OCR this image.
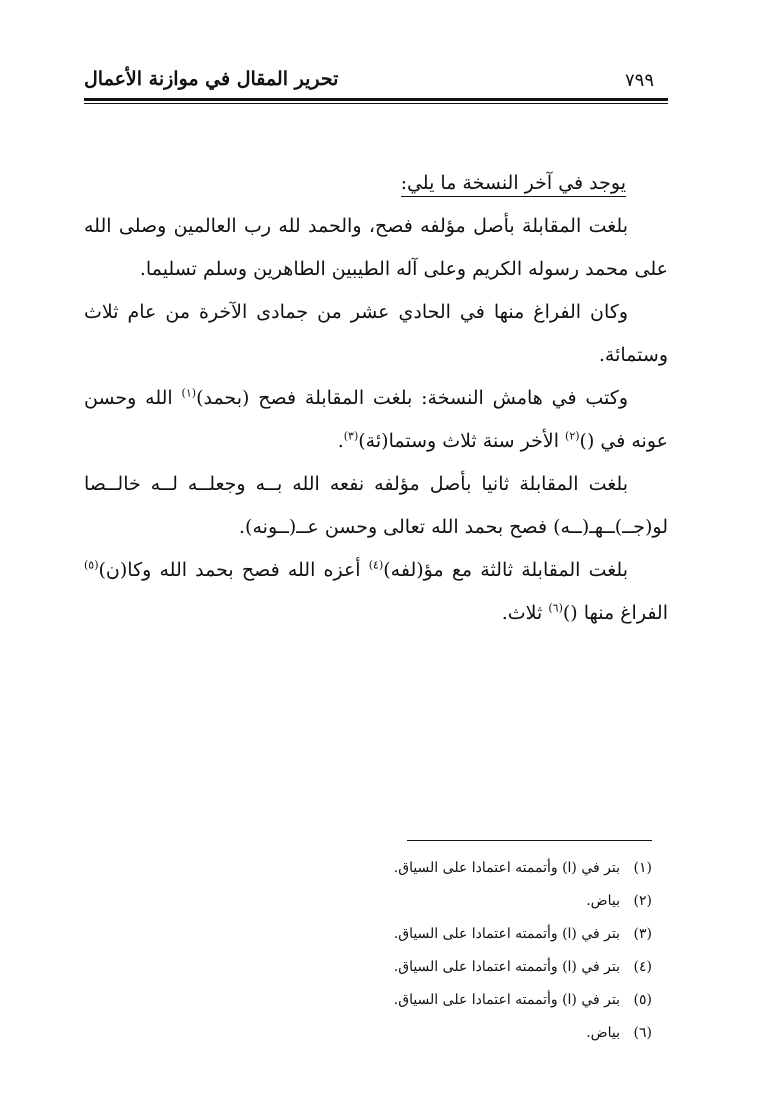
٧٩٩
تحرير المقال في موازنة الأعمال

يوجد في آخر النسخة ما يلي:

بلغت المقابلة بأصل مؤلفه فصح، والحمد لله رب العالمين وصلى الله على محمد رسوله الكريم وعلى آله الطيبين الطاهرين وسلم تسليما.

وكان الفراغ منها في الحادي عشر من جمادى الآخرة من عام ثلاث وستمائة.

وكتب في هامش النسخة: بلغت المقابلة فصح (بحمد)$^{(١)}$ الله وحسن عونه في ()$^{(٢)}$ الأخر سنة ثلاث وستما(ئة)$^{(٣)}$.

بلغت المقابلة ثانيا بأصل مؤلفه نفعه الله بــه وجعلــه لــه خالــصا لو(جــ)ــهـ(ــه) فصح بحمد الله تعالى وحسن عــ(ــونه).

بلغت المقابلة ثالثة مع مؤ(لفه)$^{(٤)}$ أعزه الله فصح بحمد الله وكا(ن)$^{(٥)}$ الفراغ منها ()$^{(٦)}$ ثلاث.

(١)بتر في (ا) وأتممته اعتمادا على السياق.
(٢)بياض.
(٣)بتر في (ا) وأتممته اعتمادا على السياق.
(٤)بتر في (ا) وأتممته اعتمادا على السياق.
(٥)بتر في (ا) وأتممته اعتمادا على السياق.
(٦)بياض.
